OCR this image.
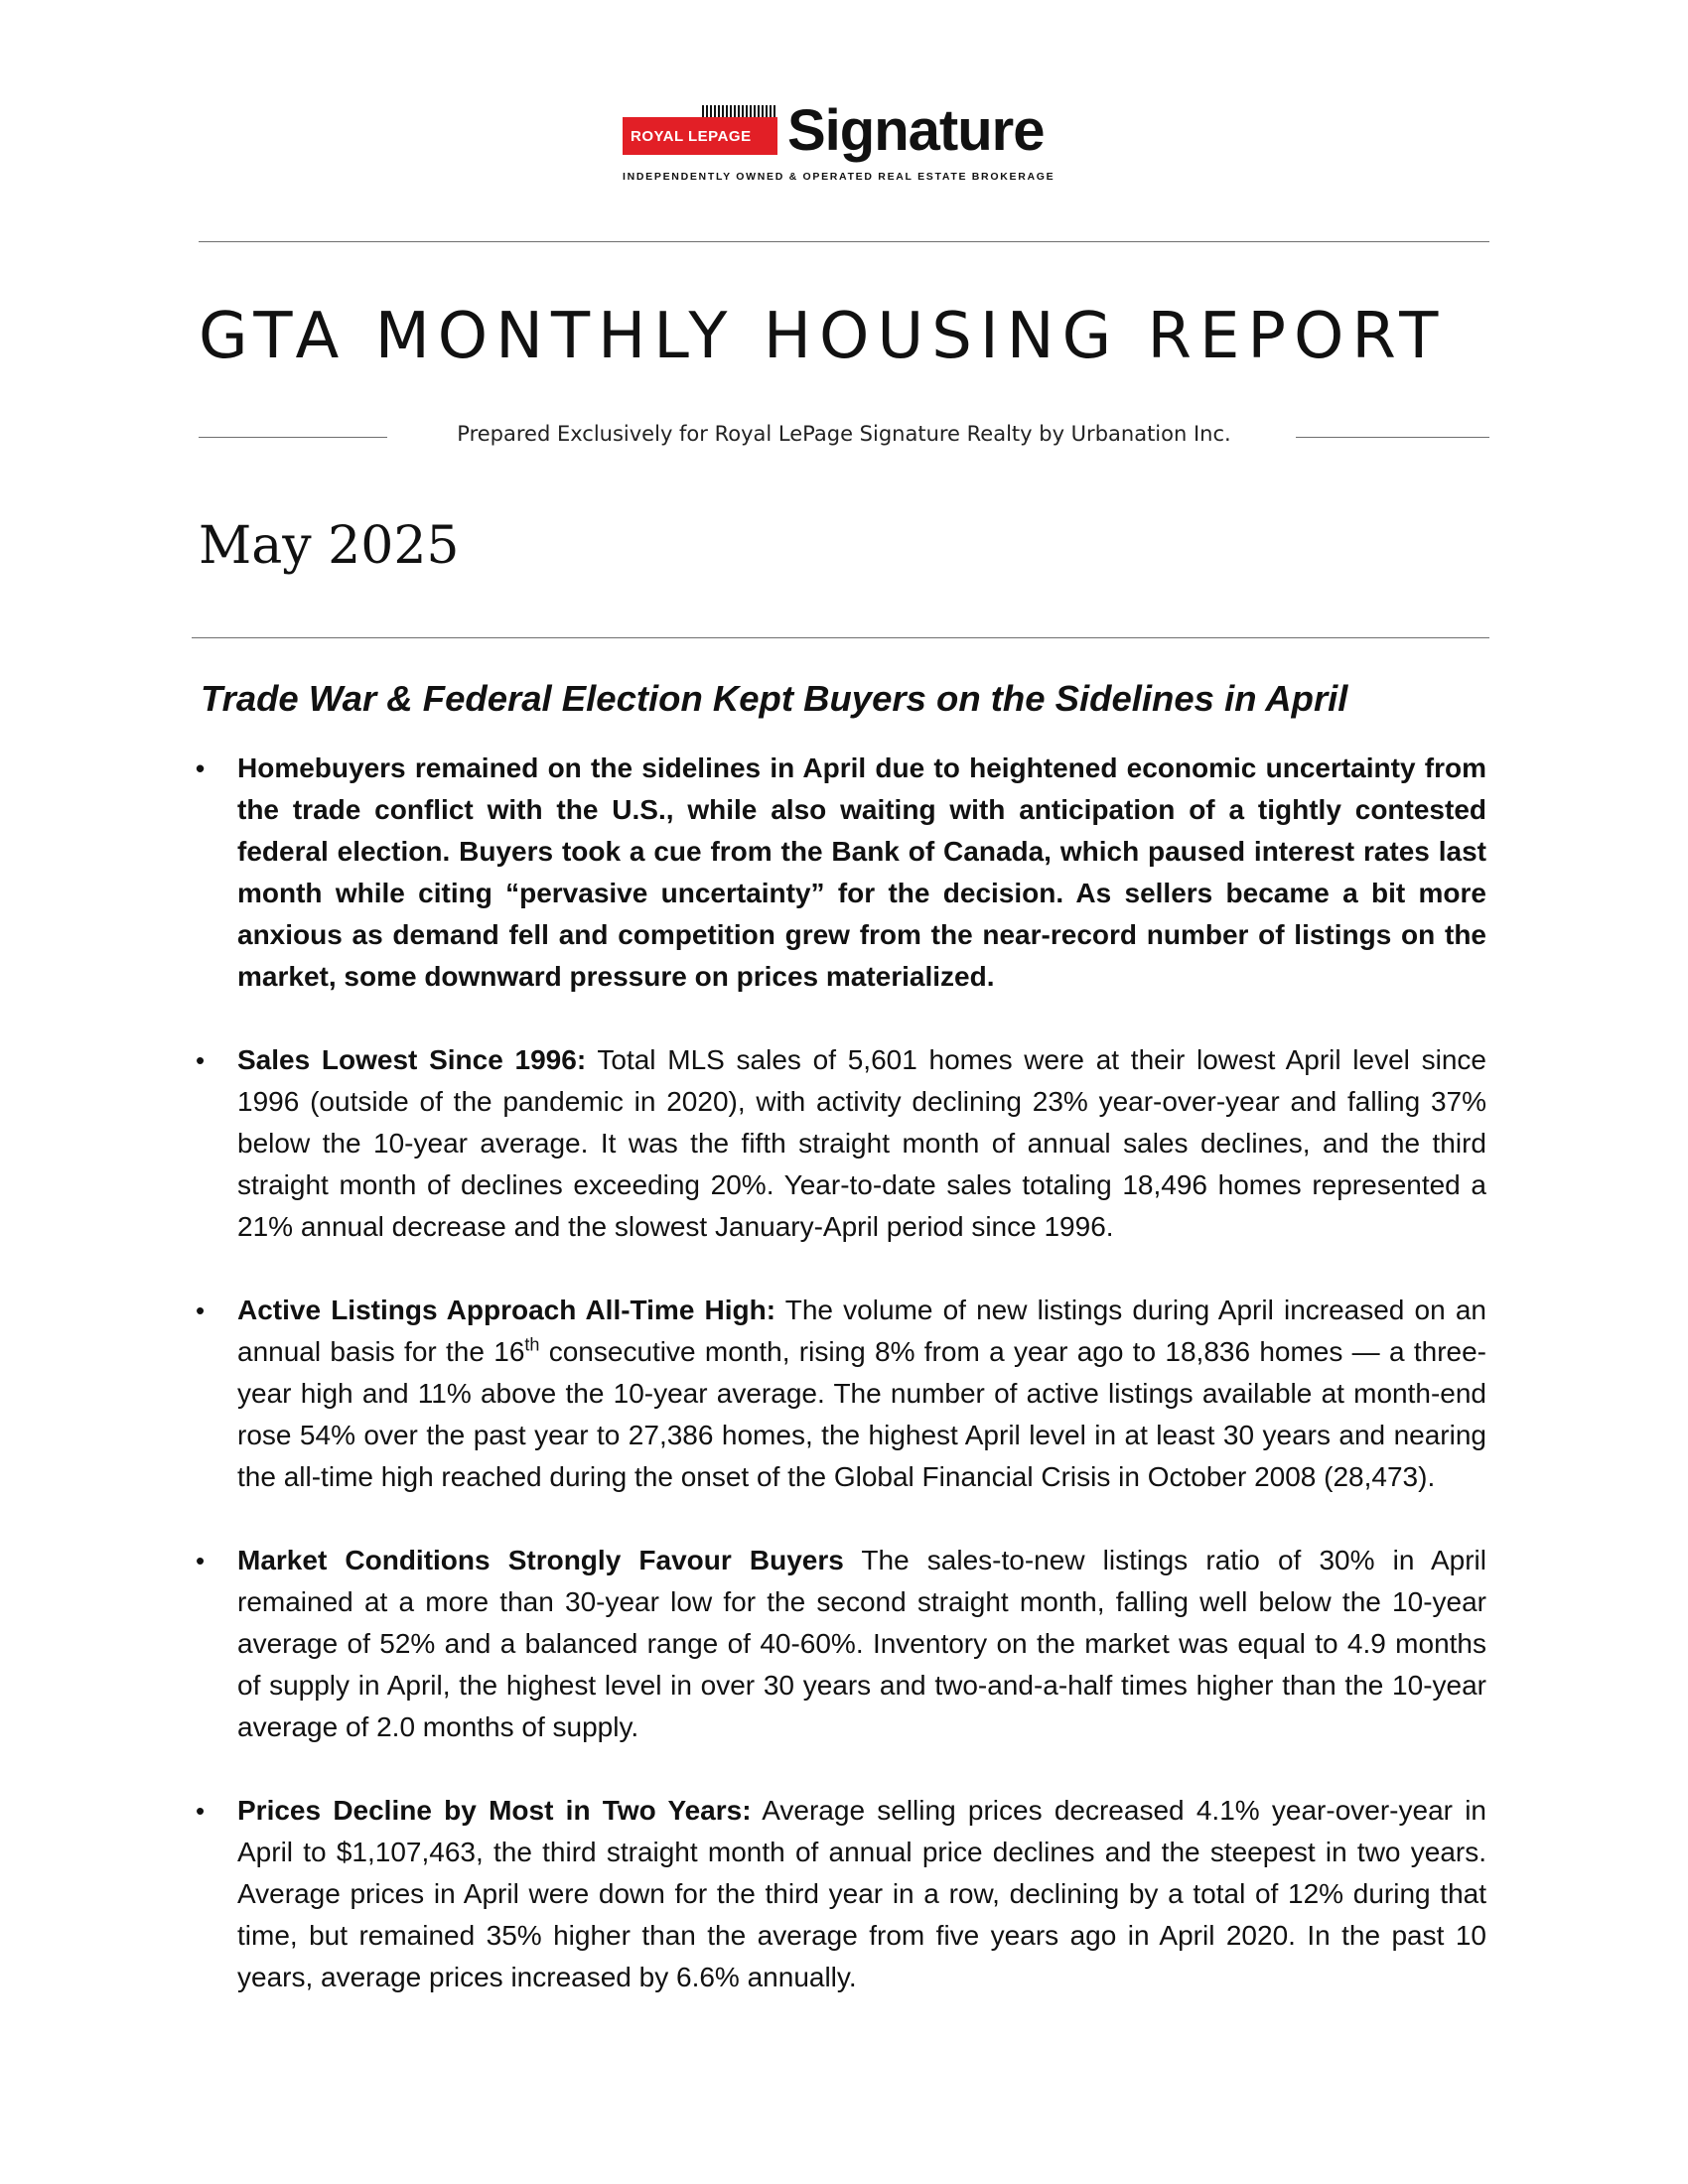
ROYAL LEPAGE Signature
INDEPENDENTLY OWNED & OPERATED REAL ESTATE BROKERAGE
GTA MONTHLY HOUSING REPORT
Prepared Exclusively for Royal LePage Signature Realty by Urbanation Inc.
May 2025
Trade War & Federal Election Kept Buyers on the Sidelines in April
• Homebuyers remained on the sidelines in April due to heightened economic uncertainty from the trade conflict with the U.S., while also waiting with anticipation of a tightly contested federal election. Buyers took a cue from the Bank of Canada, which paused interest rates last month while citing “pervasive uncertainty” for the decision. As sellers became a bit more anxious as demand fell and competition grew from the near-record number of listings on the market, some downward pressure on prices materialized.
• Sales Lowest Since 1996: Total MLS sales of 5,601 homes were at their lowest April level since 1996 (outside of the pandemic in 2020), with activity declining 23% year-over-year and falling 37% below the 10-year average. It was the fifth straight month of annual sales declines, and the third straight month of declines exceeding 20%. Year-to-date sales totaling 18,496 homes represented a 21% annual decrease and the slowest January-April period since 1996.
• Active Listings Approach All-Time High: The volume of new listings during April increased on an annual basis for the 16th consecutive month, rising 8% from a year ago to 18,836 homes — a three-year high and 11% above the 10-year average. The number of active listings available at month-end rose 54% over the past year to 27,386 homes, the highest April level in at least 30 years and nearing the all-time high reached during the onset of the Global Financial Crisis in October 2008 (28,473).
• Market Conditions Strongly Favour Buyers The sales-to-new listings ratio of 30% in April remained at a more than 30-year low for the second straight month, falling well below the 10-year average of 52% and a balanced range of 40-60%. Inventory on the market was equal to 4.9 months of supply in April, the highest level in over 30 years and two-and-a-half times higher than the 10-year average of 2.0 months of supply.
• Prices Decline by Most in Two Years: Average selling prices decreased 4.1% year-over-year in April to $1,107,463, the third straight month of annual price declines and the steepest in two years. Average prices in April were down for the third year in a row, declining by a total of 12% during that time, but remained 35% higher than the average from five years ago in April 2020. In the past 10 years, average prices increased by 6.6% annually.
